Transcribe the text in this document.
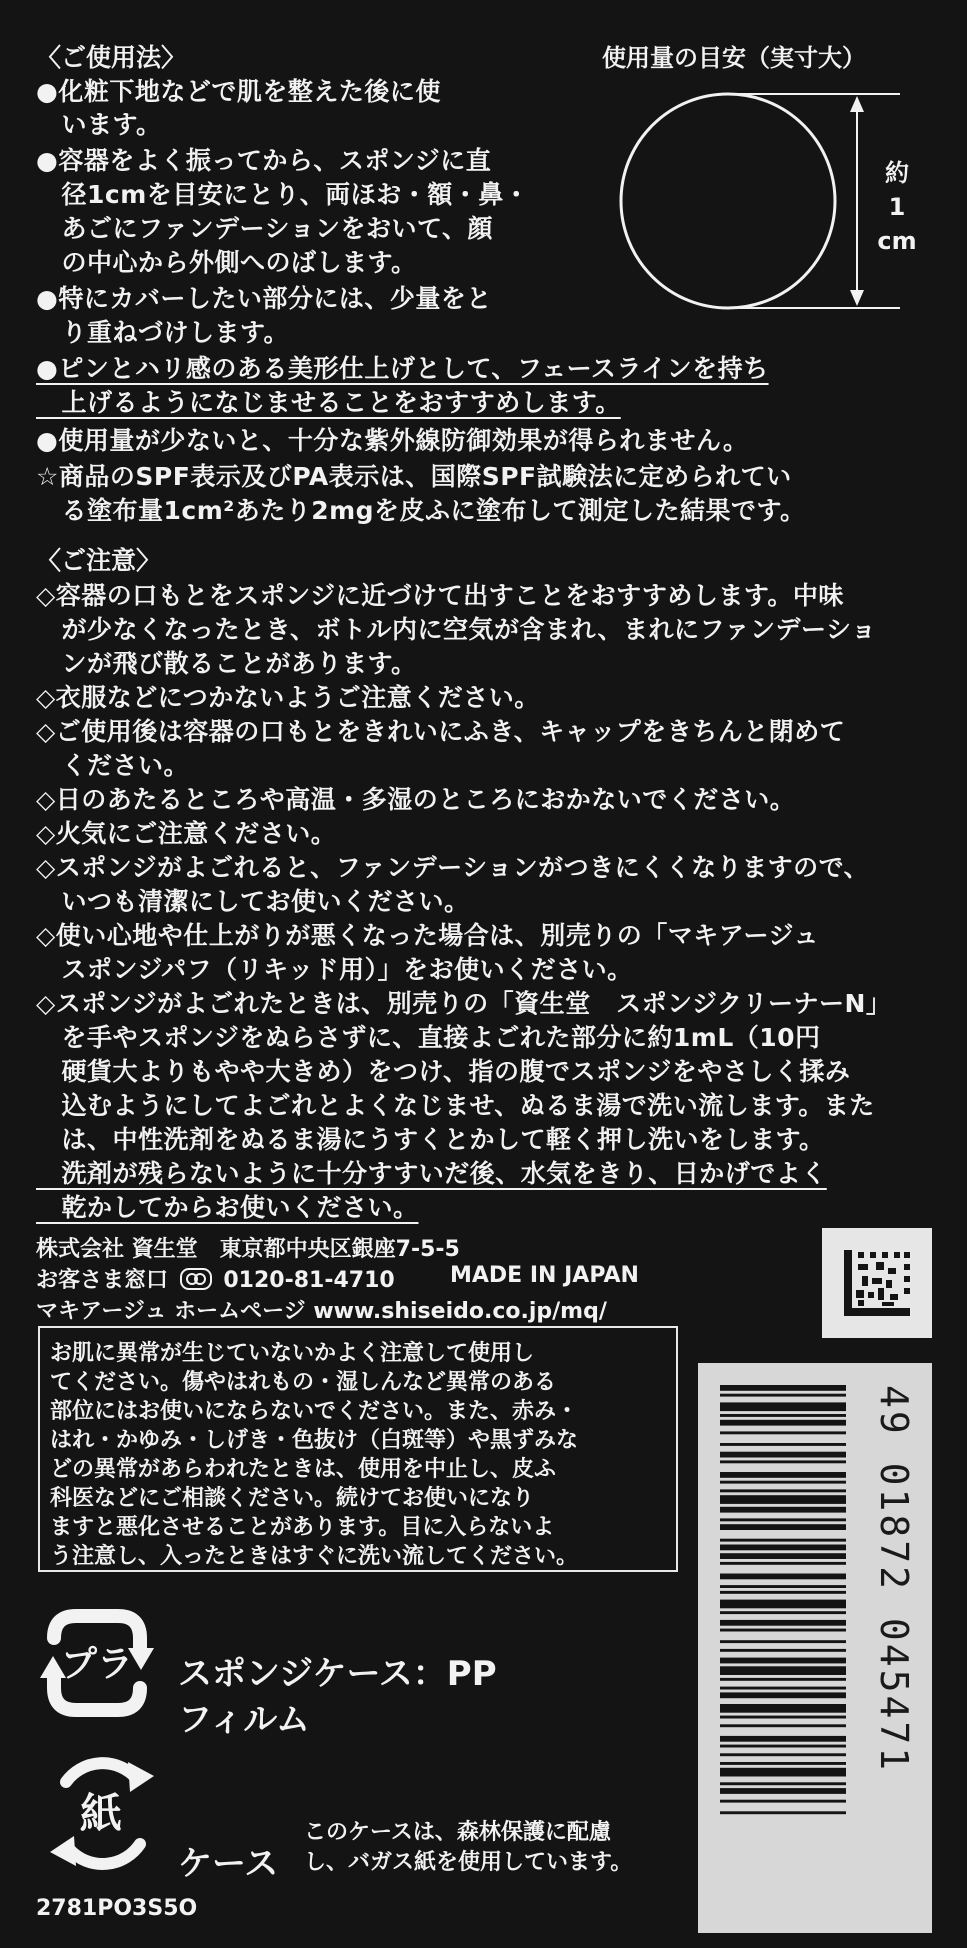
〈ご使用法〉
●化粧下地などで肌を整えた後に使
　います。
●容器をよく振ってから、スポンジに直
　径1cmを目安にとり、両ほお・額・鼻・
　あごにファンデーションをおいて、顔
　の中心から外側へのばします。
●特にカバーしたい部分には、少量をと
　り重ねづけします。
●ピンとハリ感のある美形仕上げとして、フェースラインを持ち
　上げるようになじませることをおすすめします。
●使用量が少ないと、十分な紫外線防御効果が得られません。
☆商品のSPF表示及びPA表示は、国際SPF試験法に定められてい
　る塗布量1cm²あたり2mgを皮ふに塗布して測定した結果です。
使用量の目安（実寸大）
約
1
cm
〈ご注意〉
◇容器の口もとをスポンジに近づけて出すことをおすすめします。中味
　が少なくなったとき、ボトル内に空気が含まれ、まれにファンデーショ
　ンが飛び散ることがあります。
◇衣服などにつかないようご注意ください。
◇ご使用後は容器の口もとをきれいにふき、キャップをきちんと閉めて
　ください。
◇日のあたるところや高温・多湿のところにおかないでください。
◇火気にご注意ください。
◇スポンジがよごれると、ファンデーションがつきにくくなりますので、
　いつも清潔にしてお使いください。
◇使い心地や仕上がりが悪くなった場合は、別売りの「マキアージュ
　スポンジパフ（リキッド用）」をお使いください。
◇スポンジがよごれたときは、別売りの「資生堂　スポンジクリーナーN」
　を手やスポンジをぬらさずに、直接よごれた部分に約1mL（10円
　硬貨大よりもやや大きめ）をつけ、指の腹でスポンジをやさしく揉み
　込むようにしてよごれとよくなじませ、ぬるま湯で洗い流します。また
　は、中性洗剤をぬるま湯にうすくとかして軽く押し洗いをします。
　洗剤が残らないように十分すすいだ後、水気をきり、日かげでよく
　乾かしてからお使いください。
株式会社 資生堂　東京都中央区銀座7-5-5
お客さま窓口	0120-81-4710	MADE IN JAPAN
マキアージュ ホームページ www.shiseido.co.jp/mq/
お肌に異常が生じていないかよく注意して使用し
てください。傷やはれもの・湿しんなど異常のある
部位にはお使いにならないでください。また、赤み・
はれ・かゆみ・しげき・色抜け（白斑等）や黒ずみな
どの異常があらわれたときは、使用を中止し、皮ふ
科医などにご相談ください。続けてお使いになり
ますと悪化させることがあります。目に入らないよ
う注意し、入ったときはすぐに洗い流してください。
プラ スポンジケース：PP
フィルム
紙
ケース
このケースは、森林保護に配慮
し、バガス紙を使用しています。
2781PO3S5O
49 01872 045471
